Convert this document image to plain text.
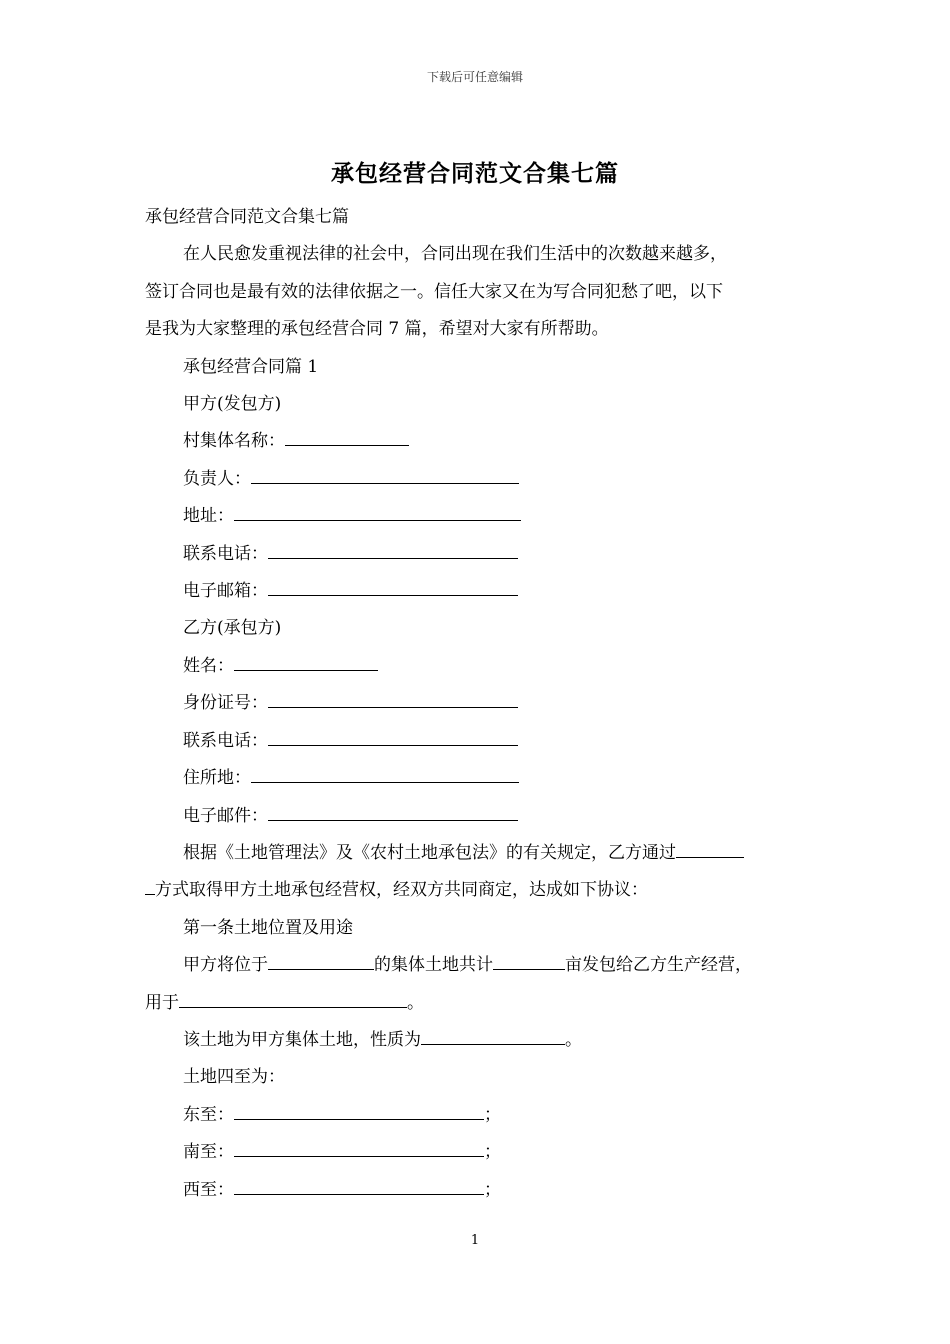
下载后可任意编辑
承包经营合同范文合集七篇

承包经营合同范文合集七篇

在人民愈发重视法律的社会中，合同出现在我们生活中的次数越来越多，

签订合同也是最有效的法律依据之一。信任大家又在为写合同犯愁了吧，以下

是我为大家整理的承包经营合同 7 篇，希望对大家有所帮助。

承包经营合同篇 1

甲方(发包方)

村集体名称：

负责人：

地址：

联系电话：

电子邮箱：

乙方(承包方)

姓名：

身份证号：

联系电话：

住所地：

电子邮件：

根据《土地管理法》及《农村土地承包法》的有关规定，乙方通过

方式取得甲方土地承包经营权，经双方共同商定，达成如下协议：

第一条土地位置及用途

甲方将位于	的集体土地共计	亩发包给乙方生产经营，

用于	。

该土地为甲方集体土地，性质为	。

土地四至为：

东至：	；

南至：	；

西至：	；

1
